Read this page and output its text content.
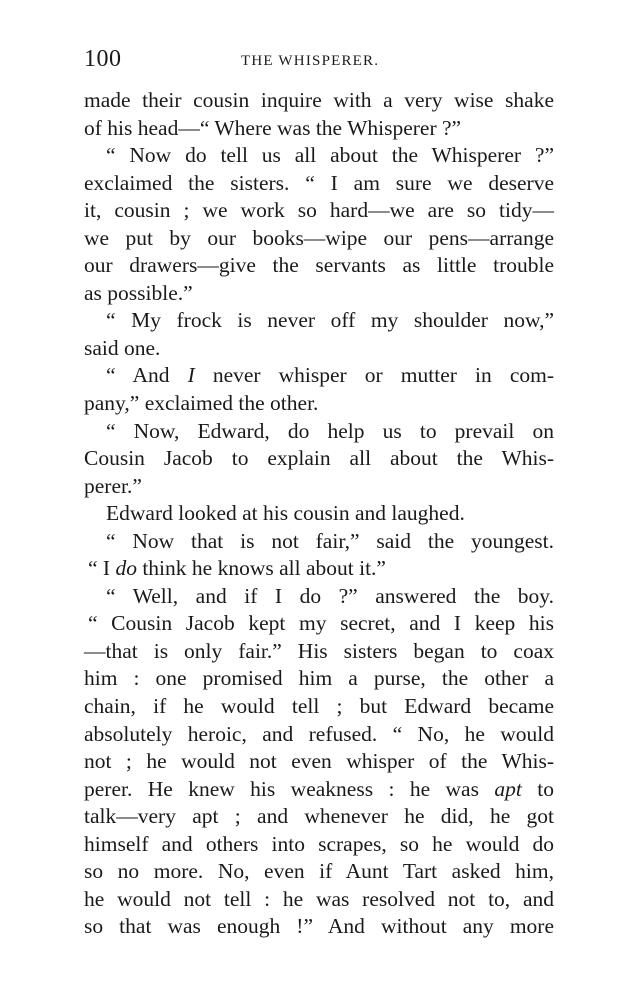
100	THE WHISPERER.
made their cousin inquire with a very wise shake
of his head—“ Where was the Whisperer ?”
“ Now do tell us all about the Whisperer ?”
exclaimed the sisters. “ I am sure we deserve
it, cousin ; we work so hard—we are so tidy—
we put by our books—wipe our pens—arrange
our drawers—give the servants as little trouble
as possible.”
“ My frock is never off my shoulder now,”
said one.
“ And I never whisper or mutter in com-
pany,” exclaimed the other.
“ Now, Edward, do help us to prevail on
Cousin Jacob to explain all about the Whis-
perer.”
Edward looked at his cousin and laughed.
“ Now that is not fair,” said the youngest.
“ I do think he knows all about it.”
“ Well, and if I do ?” answered the boy.
“ Cousin Jacob kept my secret, and I keep his
—that is only fair.” His sisters began to coax
him : one promised him a purse, the other a
chain, if he would tell ; but Edward became
absolutely heroic, and refused. “ No, he would
not ; he would not even whisper of the Whis-
perer. He knew his weakness : he was apt to
talk—very apt ; and whenever he did, he got
himself and others into scrapes, so he would do
so no more. No, even if Aunt Tart asked him,
he would not tell : he was resolved not to, and
so that was enough !” And without any more
